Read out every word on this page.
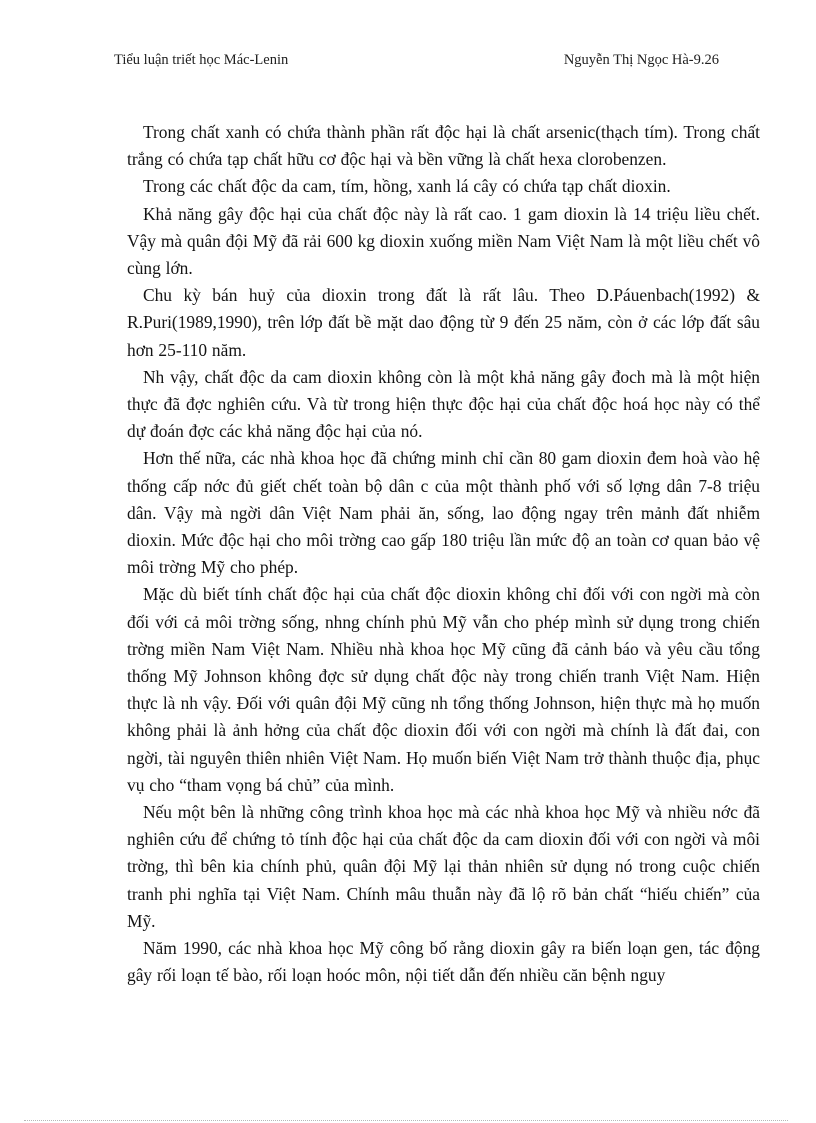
Tiểu luận triết học Mác-Lenin	Nguyễn Thị Ngọc Hà-9.26

Trong chất xanh có chứa thành phần rất độc hại là chất arsenic(thạch tím). Trong chất trắng có chứa tạp chất hữu cơ độc hại và bền vững là chất hexa clorobenzen.

Trong các chất độc da cam, tím, hồng, xanh lá cây có chứa tạp chất dioxin.

Khả năng gây độc hại của chất độc này là rất cao. 1 gam dioxin là 14 triệu liều chết. Vậy mà quân đội Mỹ đã rải 600 kg dioxin xuống miền Nam Việt Nam là một liều chết vô cùng lớn.

Chu kỳ bán huỷ của dioxin trong đất là rất lâu. Theo D.Páuenbach(1992) & R.Puri(1989,1990), trên lớp đất bề mặt dao động từ 9 đến 25 năm, còn ở các lớp đất sâu hơn 25-110 năm.

Nh vậy, chất độc da cam dioxin không còn là một khả năng gây đoch mà là một hiện thực đã đợc nghiên cứu. Và từ trong hiện thực độc hại của chất độc hoá học này có thể dự đoán đợc các khả năng độc hại của nó.

Hơn thế nữa, các nhà khoa học đã chứng minh chỉ cần 80 gam dioxin đem hoà vào hệ thống cấp nớc đủ giết chết toàn bộ dân c của một thành phố với số lợng dân 7-8 triệu dân. Vậy mà ngời dân Việt Nam phải ăn, sống, lao động ngay trên mảnh đất nhiễm dioxin. Mức độc hại cho môi trờng cao gấp 180 triệu lần mức độ an toàn cơ quan bảo vệ môi trờng Mỹ cho phép.

Mặc dù biết tính chất độc hại của chất độc dioxin không chỉ đối với con ngời mà còn đối với cả môi trờng sống, nhng chính phủ Mỹ vẫn cho phép mình sử dụng trong chiến trờng miền Nam Việt Nam. Nhiều nhà khoa học Mỹ cũng đã cảnh báo và yêu cầu tổng thống Mỹ Johnson không đợc sử dụng chất độc này trong chiến tranh Việt Nam. Hiện thực là nh vậy. Đối với quân đội Mỹ cũng nh tổng thống Johnson, hiện thực mà họ muốn không phải là ảnh hởng của chất độc dioxin đối với con ngời mà chính là đất đai, con ngời, tài nguyên thiên nhiên Việt Nam. Họ muốn biến Việt Nam trở thành thuộc địa, phục vụ cho “tham vọng bá chủ” của mình.

Nếu một bên là những công trình khoa học mà các nhà khoa học Mỹ và nhiều nớc đã nghiên cứu để chứng tỏ tính độc hại của chất độc da cam dioxin đối với con ngời và môi trờng, thì bên kia chính phủ, quân đội Mỹ lại thản nhiên sử dụng nó trong cuộc chiến tranh phi nghĩa tại Việt Nam. Chính mâu thuẫn này đã lộ rõ bản chất “hiếu chiến” của Mỹ.

Năm 1990, các nhà khoa học Mỹ công bố rằng dioxin gây ra biến loạn gen, tác động gây rối loạn tế bào, rối loạn hoóc môn, nội tiết dẫn đến nhiều căn bệnh nguy
